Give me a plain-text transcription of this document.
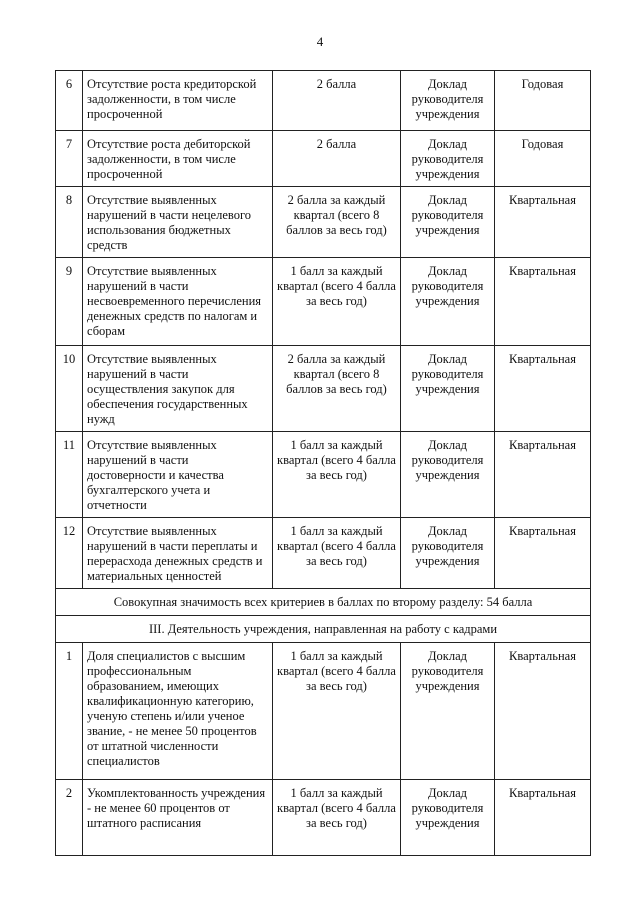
4
6	Отсутствие роста кредиторской задолженности, в том числе просроченной	2 балла	Доклад руководителя учреждения	Годовая
7	Отсутствие роста дебиторской задолженности, в том числе просроченной	2 балла	Доклад руководителя учреждения	Годовая
8	Отсутствие выявленных нарушений в части нецелевого использования бюджетных средств	2 балла за каждый квартал (всего 8 баллов за весь год)	Доклад руководителя учреждения	Квартальная
9	Отсутствие выявленных нарушений в части несвоевременного перечисления денежных средств по налогам и сборам	1 балл за каждый квартал (всего 4 балла за весь год)	Доклад руководителя учреждения	Квартальная
10	Отсутствие выявленных нарушений в части осуществления закупок для обеспечения государственных нужд	2 балла за каждый квартал (всего 8 баллов за весь год)	Доклад руководителя учреждения	Квартальная
11	Отсутствие выявленных нарушений в части достоверности и качества бухгалтерского учета и отчетности	1 балл за каждый квартал (всего 4 балла за весь год)	Доклад руководителя учреждения	Квартальная
12	Отсутствие выявленных нарушений в части переплаты и перерасхода денежных средств и материальных ценностей	1 балл за каждый квартал (всего 4 балла за весь год)	Доклад руководителя учреждения	Квартальная
Совокупная значимость всех критериев в баллах по второму разделу: 54 балла				
III. Деятельность учреждения, направленная на работу с кадрами				
1	Доля специалистов с высшим профессиональным образованием, имеющих квалификационную категорию, ученую степень и/или ученое звание, - не менее 50 процентов от штатной численности специалистов	1 балл за каждый квартал (всего 4 балла за весь год)	Доклад руководителя учреждения	Квартальная
2	Укомплектованность учреждения - не менее 60 процентов от штатного расписания	1 балл за каждый квартал (всего 4 балла за весь год)	Доклад руководителя учреждения	Квартальная
